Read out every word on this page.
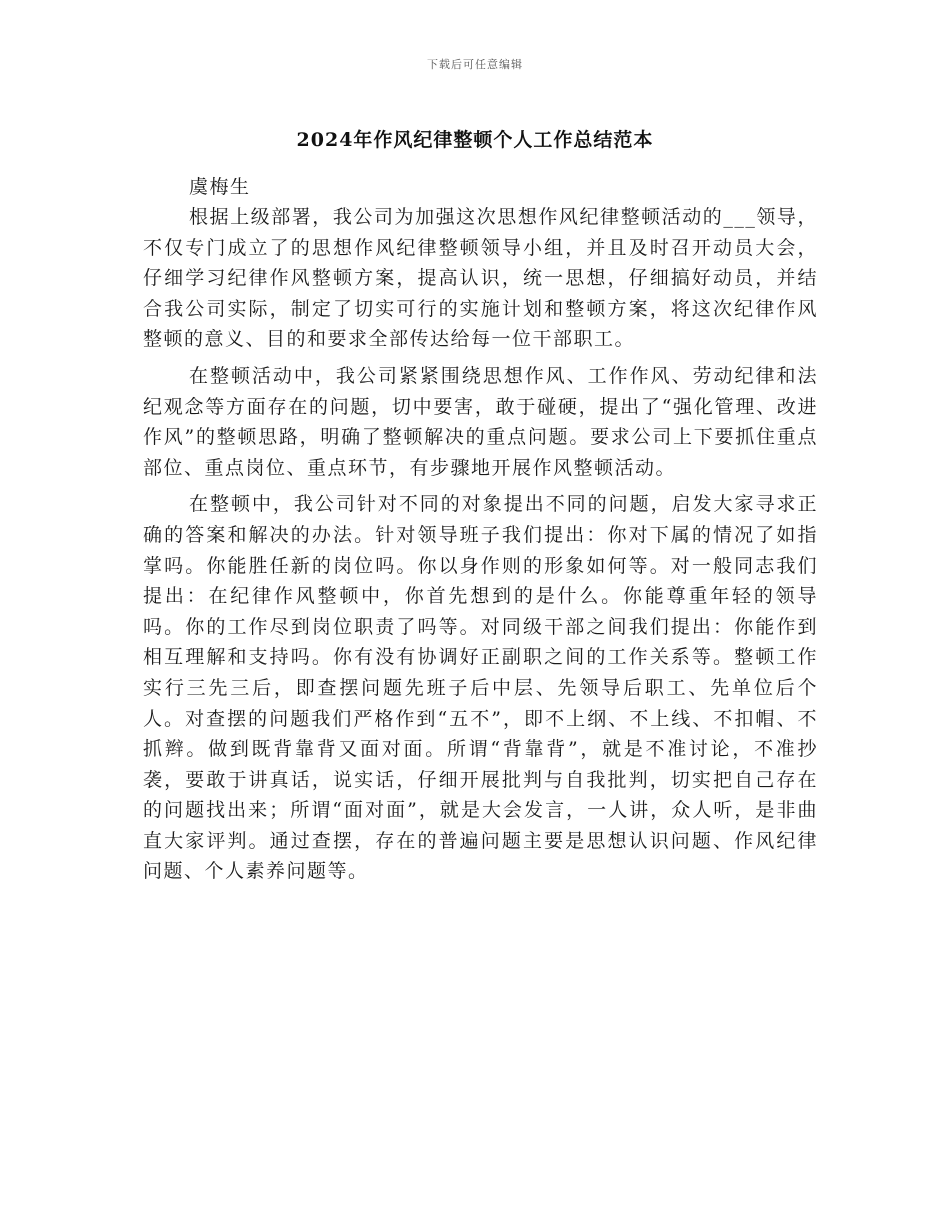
下载后可任意编辑
2024年作风纪律整顿个人工作总结范本

虞梅生

根据上级部署，我公司为加强这次思想作风纪律整顿活动的___领导，不仅专门成立了的思想作风纪律整顿领导小组，并且及时召开动员大会，仔细学习纪律作风整顿方案，提高认识，统一思想，仔细搞好动员，并结合我公司实际，制定了切实可行的实施计划和整顿方案，将这次纪律作风整顿的意义、目的和要求全部传达给每一位干部职工。

在整顿活动中，我公司紧紧围绕思想作风、工作作风、劳动纪律和法纪观念等方面存在的问题，切中要害，敢于碰硬，提出了“强化管理、改进作风”的整顿思路，明确了整顿解决的重点问题。要求公司上下要抓住重点部位、重点岗位、重点环节，有步骤地开展作风整顿活动。

在整顿中，我公司针对不同的对象提出不同的问题，启发大家寻求正确的答案和解决的办法。针对领导班子我们提出：你对下属的情况了如指掌吗。你能胜任新的岗位吗。你以身作则的形象如何等。对一般同志我们提出：在纪律作风整顿中，你首先想到的是什么。你能尊重年轻的领导吗。你的工作尽到岗位职责了吗等。对同级干部之间我们提出：你能作到相互理解和支持吗。你有没有协调好正副职之间的工作关系等。整顿工作实行三先三后，即查摆问题先班子后中层、先领导后职工、先单位后个人。对查摆的问题我们严格作到“五不”，即不上纲、不上线、不扣帽、不抓辫。做到既背靠背又面对面。所谓“背靠背”，就是不准讨论，不准抄袭，要敢于讲真话，说实话，仔细开展批判与自我批判，切实把自己存在的问题找出来；所谓“面对面”，就是大会发言，一人讲，众人听，是非曲直大家评判。通过查摆，存在的普遍问题主要是思想认识问题、作风纪律问题、个人素养问题等。
